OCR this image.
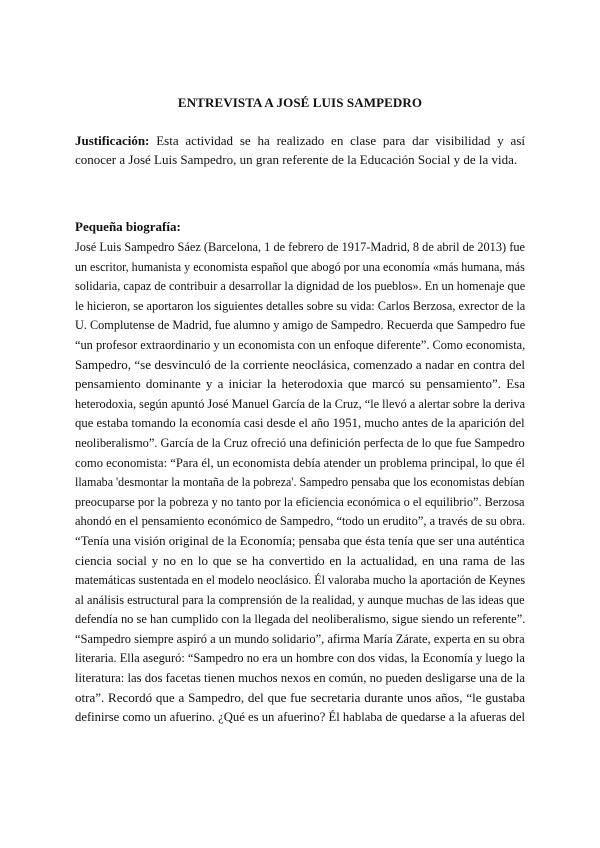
ENTREVISTA A JOSÉ LUIS SAMPEDRO
Justificación: Esta actividad se ha realizado en clase para dar visibilidad y así conocer a José Luis Sampedro, un gran referente de la Educación Social y de la vida.
Pequeña biografía:
José Luis Sampedro Sáez (Barcelona, 1 de febrero de 1917-Madrid, 8 de abril de 2013) fue
un escritor, humanista y economista español que abogó por una economía «más humana, más
solidaria, capaz de contribuir a desarrollar la dignidad de los pueblos». En un homenaje que
le hicieron, se aportaron los siguientes detalles sobre su vida: Carlos Berzosa, exrector de la
U. Complutense de Madrid, fue alumno y amigo de Sampedro. Recuerda que Sampedro fue
“un profesor extraordinario y un economista con un enfoque diferente”. Como economista,
Sampedro, “se desvinculó de la corriente neoclásica, comenzado a nadar en contra del
pensamiento dominante y a iniciar la heterodoxia que marcó su pensamiento”. Esa
heterodoxia, según apuntó José Manuel García de la Cruz, “le llevó a alertar sobre la deriva
que estaba tomando la economía casi desde el año 1951, mucho antes de la aparición del
neoliberalismo”. García de la Cruz ofreció una definición perfecta de lo que fue Sampedro
como economista: “Para él, un economista debía atender un problema principal, lo que él
llamaba 'desmontar la montaña de la pobreza'. Sampedro pensaba que los economistas debían
preocuparse por la pobreza y no tanto por la eficiencia económica o el equilibrio”. Berzosa
ahondó en el pensamiento económico de Sampedro, “todo un erudito”, a través de su obra.
“Tenía una visión original de la Economía; pensaba que ésta tenía que ser una auténtica
ciencia social y no en lo que se ha convertido en la actualidad, en una rama de las
matemáticas sustentada en el modelo neoclásico. Él valoraba mucho la aportación de Keynes
al análisis estructural para la comprensión de la realidad, y aunque muchas de las ideas que
defendía no se han cumplido con la llegada del neoliberalismo, sigue siendo un referente”.
“Sampedro siempre aspiró a un mundo solidario”, afirma María Zárate, experta en su obra
literaria. Ella aseguró: “Sampedro no era un hombre con dos vidas, la Economía y luego la
literatura: las dos facetas tienen muchos nexos en común, no pueden desligarse una de la
otra”. Recordó que a Sampedro, del que fue secretaria durante unos años, “le gustaba
definirse como un afuerino. ¿Qué es un afuerino? Él hablaba de quedarse a la afueras del
